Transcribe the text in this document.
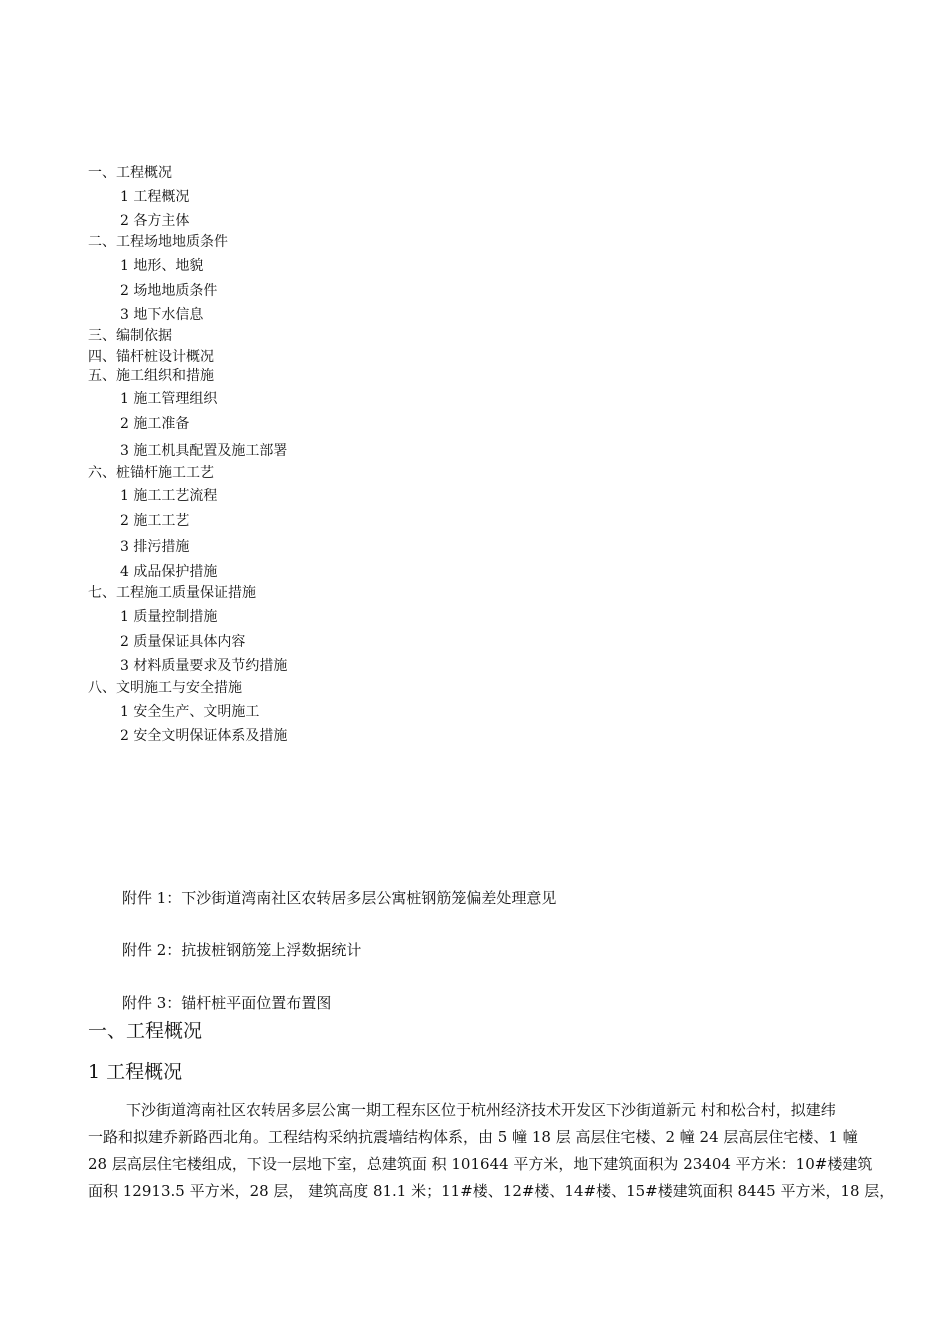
一、工程概况
1 工程概况
2 各方主体
二、工程场地地质条件
1 地形、地貌
2 场地地质条件
3 地下水信息
三、编制依据
四、锚杆桩设计概况
五、施工组织和措施
1 施工管理组织
2 施工准备
3 施工机具配置及施工部署
六、桩锚杆施工工艺
1 施工工艺流程
2 施工工艺
3 排污措施
4 成品保护措施
七、工程施工质量保证措施
1 质量控制措施
2 质量保证具体内容
3 材料质量要求及节约措施
八、文明施工与安全措施
1 安全生产、文明施工
2 安全文明保证体系及措施
附件 1：下沙街道湾南社区农转居多层公寓桩钢筋笼偏差处理意见
附件 2：抗拔桩钢筋笼上浮数据统计
附件 3：锚杆桩平面位置布置图
一、工程概况
1 工程概况
下沙街道湾南社区农转居多层公寓一期工程东区位于杭州经济技术开发区下沙街道新元 村和松合村，拟建纬
一路和拟建乔新路西北角。工程结构采纳抗震墙结构体系，由 5 幢 18 层 高层住宅楼、2 幢 24 层高层住宅楼、1 幢
28 层高层住宅楼组成，下设一层地下室，总建筑面 积 101644 平方米，地下建筑面积为 23404 平方米：10#楼建筑
面积 12913.5 平方米，28 层， 建筑高度 81.1 米；11#楼、12#楼、14#楼、15#楼建筑面积 8445 平方米，18 层，
